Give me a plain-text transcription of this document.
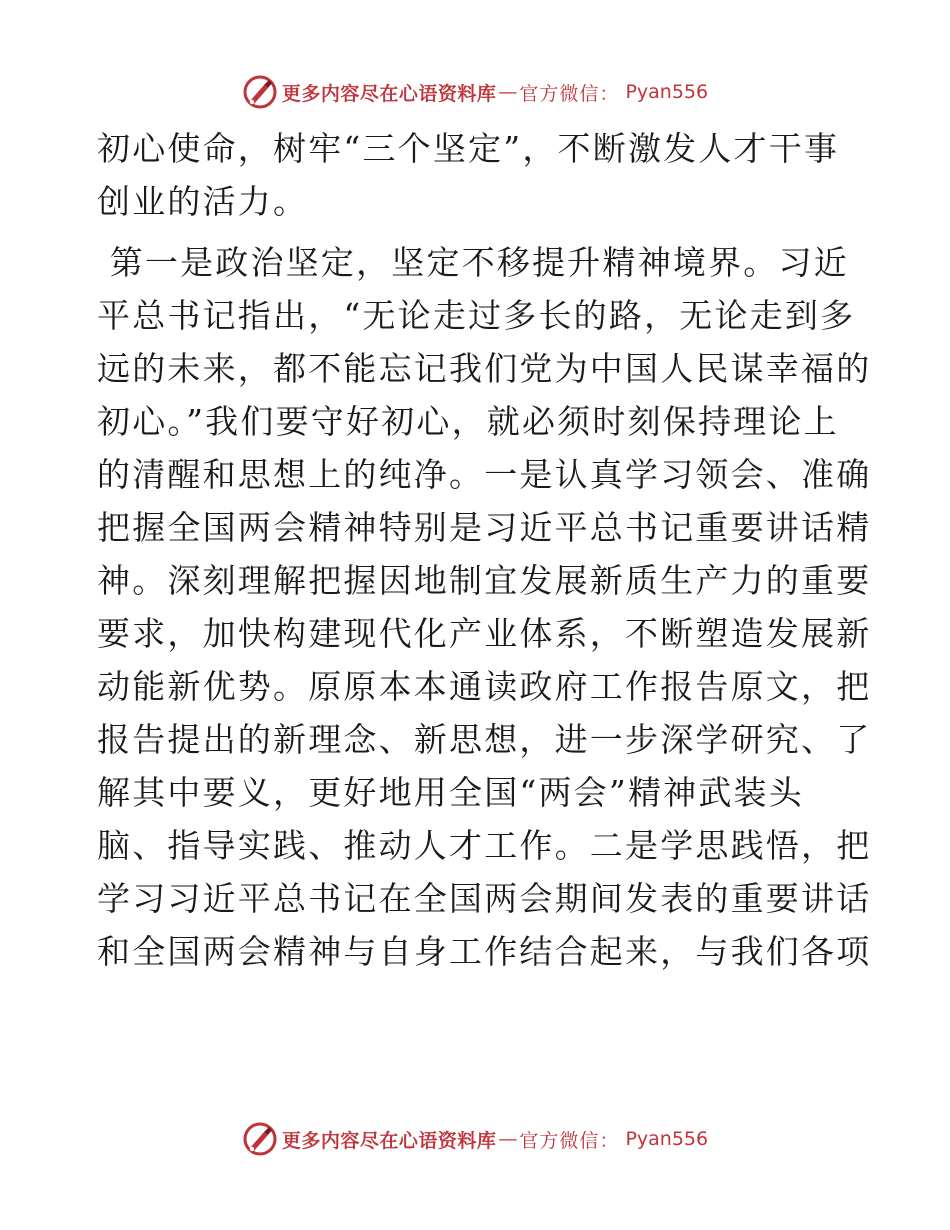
更多内容尽在心语资料库 — 官方微信： Pyan556
初心使命，树牢“三个坚定”，不断激发人才干事
创业的活力。
第一是政治坚定，坚定不移提升精神境界。习近
平总书记指出，“无论走过多长的路，无论走到多
远的未来，都不能忘记我们党为中国人民谋幸福的
初心。”我们要守好初心，就必须时刻保持理论上
的清醒和思想上的纯净。一是认真学习领会、准确
把握全国两会精神特别是习近平总书记重要讲话精
神。深刻理解把握因地制宜发展新质生产力的重要
要求，加快构建现代化产业体系，不断塑造发展新
动能新优势。原原本本通读政府工作报告原文，把
报告提出的新理念、新思想，进一步深学研究、了
解其中要义，更好地用全国“两会”精神武装头
脑、指导实践、推动人才工作。二是学思践悟，把
学习习近平总书记在全国两会期间发表的重要讲话
和全国两会精神与自身工作结合起来，与我们各项
更多内容尽在心语资料库 — 官方微信： Pyan556
